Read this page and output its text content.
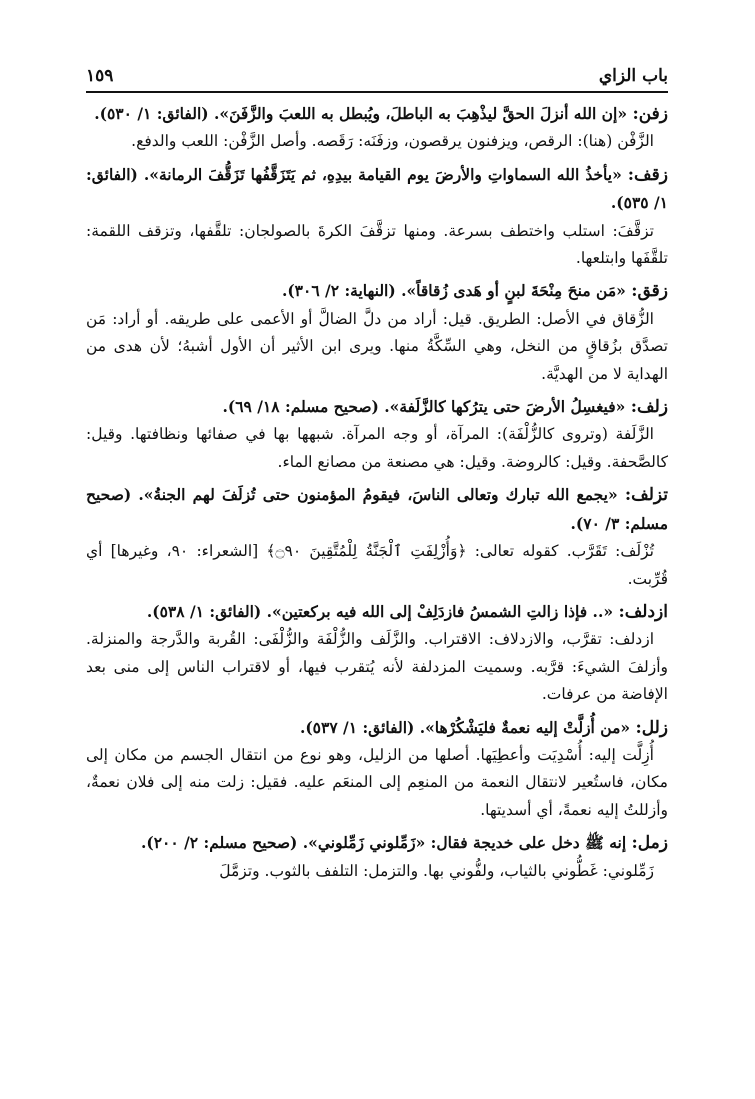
باب الزاي
١٥٩

زفن: «إن الله أنزلَ الحقَّ ليذْهِبَ به الباطلَ، ويُبطل به اللعبَ والزَّفَنَ». (الفائق: ١/ ٥٣٠).

الزَّفْن (هنا): الرقص، ويزفنون يرقصون، وزفَنَه: رَقَصه. وأصل الزَّفْن: اللعب والدفع.

زقف: «يأخذُ الله السماواتِ والأرضَ يوم القيامة بيدِهِ، ثم يَتَزَقَّفُها تَزَقُّفَ الرمانة». (الفائق: ١/ ٥٣٥).

تزقَّفَ: استلب واختطف بسرعة. ومنها تزقَّفَ الكرةَ بالصولجان: تلقَّفها، وتزقف اللقمة: تلقَّفَها وابتلعها.

زقق: «مَن منحَ مِنْحَةَ لبنٍ أو هَدى زُقاقاً». (النهاية: ٢/ ٣٠٦).

الزُّقاق في الأصل: الطريق. قيل: أراد من دلَّ الضالَّ أو الأعمى على طريقه. أو أراد: مَن تصدَّق بزُقاقٍ من النخل، وهي السِّكَّةُ منها. ويرى ابن الأثير أن الأول أشبهُ؛ لأن هدى من الهداية لا من الهديَّة.

زلف: «فيغسِلُ الأرضَ حتى يترُكها كالزَّلَفة». (صحيح مسلم: ١٨/ ٦٩).

الزَّلَفة (وتروى كالزُّلْفَة): المرآة، أو وجه المرآة. شبهها بها في صفائها ونظافتها. وقيل: كالصَّحفة. وقيل: كالروضة. وقيل: هي مصنعة من مصانع الماء.

تزلف: «يجمع الله تبارك وتعالى الناسَ، فيقومُ المؤمنون حتى تُزلَفَ لهم الجنةُ». (صحيح مسلم: ٣/ ٧٠).

تُزْلَف: تَقَرَّب. كقوله تعالى: ﴿وَأُزْلِفَتِ ٱلْجَنَّةُ لِلْمُتَّقِينَ ۝٩٠﴾ [الشعراء: ٩٠، وغيرها] أي قُرِّبت.

ازدلف: «.. فإذا زالتِ الشمسُ فازدَلِفْ إلى الله فيه بركعتين». (الفائق: ١/ ٥٣٨).

ازدلف: تقرَّب، والازدلاف: الاقتراب. والزَّلَف والزُّلْفَة والزُّلْفَى: القُربة والدَّرجة والمنزلة. وأزلفَ الشيءَ: قرَّبه. وسميت المزدلفة لأنه يُتقرب فيها، أو لاقتراب الناس إلى منى بعد الإفاضة من عرفات.

زلل: «من أُزلَّتْ إليه نعمةٌ فليَشْكُرْها». (الفائق: ١/ ٥٣٧).

أُزِلَّت إليه: أُسْدِيَت وأعطِيَها. أصلها من الزليل، وهو نوع من انتقال الجسم من مكان إلى مكان، فاستُعير لانتقال النعمة من المنعِم إلى المنعَم عليه. فقيل: زلت منه إلى فلان نعمةٌ، وأزللتُ إليه نعمةً، أي أسديتها.

زمل: إنه ﷺ دخل على خديجة فقال: «زَمِّلوني زَمِّلوني». (صحيح مسلم: ٢/ ٢٠٠).

زَمِّلوني: غَطُّوني بالثياب، ولفُّوني بها. والتزمل: التلفف بالثوب. وتزمَّلَ
